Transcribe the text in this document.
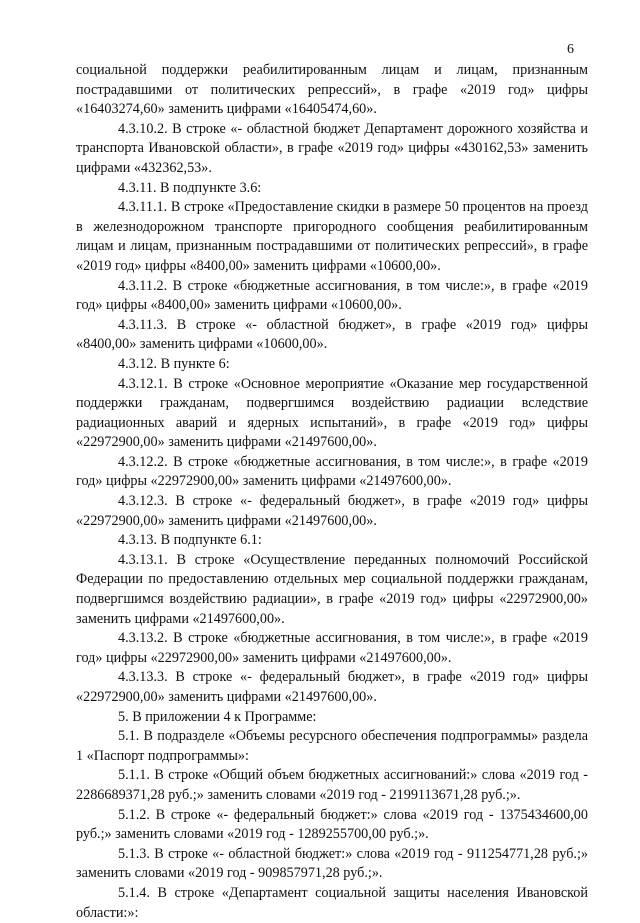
6

социальной поддержки реабилитированным лицам и лицам, признанным пострадавшими от политических репрессий», в графе «2019 год» цифры «16403274,60» заменить цифрами «16405474,60».

4.3.10.2. В строке «- областной бюджет Департамент дорожного хозяйства и транспорта Ивановской области», в графе «2019 год» цифры «430162,53» заменить цифрами «432362,53».

4.3.11. В подпункте 3.6:

4.3.11.1. В строке «Предоставление скидки в размере 50 процентов на проезд в железнодорожном транспорте пригородного сообщения реабилитированным лицам и лицам, признанным пострадавшими от политических репрессий», в графе «2019 год» цифры «8400,00» заменить цифрами «10600,00».

4.3.11.2. В строке «бюджетные ассигнования, в том числе:», в графе «2019 год» цифры «8400,00» заменить цифрами «10600,00».

4.3.11.3. В строке «- областной бюджет», в графе «2019 год» цифры «8400,00» заменить цифрами «10600,00».

4.3.12. В пункте 6:

4.3.12.1. В строке «Основное мероприятие «Оказание мер государственной поддержки гражданам, подвергшимся воздействию радиации вследствие радиационных аварий и ядерных испытаний», в графе «2019 год» цифры «22972900,00» заменить цифрами «21497600,00».

4.3.12.2. В строке «бюджетные ассигнования, в том числе:», в графе «2019 год» цифры «22972900,00» заменить цифрами «21497600,00».

4.3.12.3. В строке «- федеральный бюджет», в графе «2019 год» цифры «22972900,00» заменить цифрами «21497600,00».

4.3.13. В подпункте 6.1:

4.3.13.1. В строке «Осуществление переданных полномочий Российской Федерации по предоставлению отдельных мер социальной поддержки гражданам, подвергшимся воздействию радиации», в графе «2019 год» цифры «22972900,00» заменить цифрами «21497600,00».

4.3.13.2. В строке «бюджетные ассигнования, в том числе:», в графе «2019 год» цифры «22972900,00» заменить цифрами «21497600,00».

4.3.13.3. В строке «- федеральный бюджет», в графе «2019 год» цифры «22972900,00» заменить цифрами «21497600,00».

5. В приложении 4 к Программе:

5.1. В подразделе «Объемы ресурсного обеспечения подпрограммы» раздела 1 «Паспорт подпрограммы»:

5.1.1. В строке «Общий объем бюджетных ассигнований:» слова «2019 год - 2286689371,28 руб.;» заменить словами «2019 год - 2199113671,28 руб.;».

5.1.2. В строке «- федеральный бюджет:» слова «2019 год - 1375434600,00 руб.;» заменить словами «2019 год - 1289255700,00 руб.;».

5.1.3. В строке «- областной бюджет:» слова «2019 год - 911254771,28 руб.;» заменить словами «2019 год - 909857971,28 руб.;».

5.1.4. В строке «Департамент социальной защиты населения Ивановской области:»:
